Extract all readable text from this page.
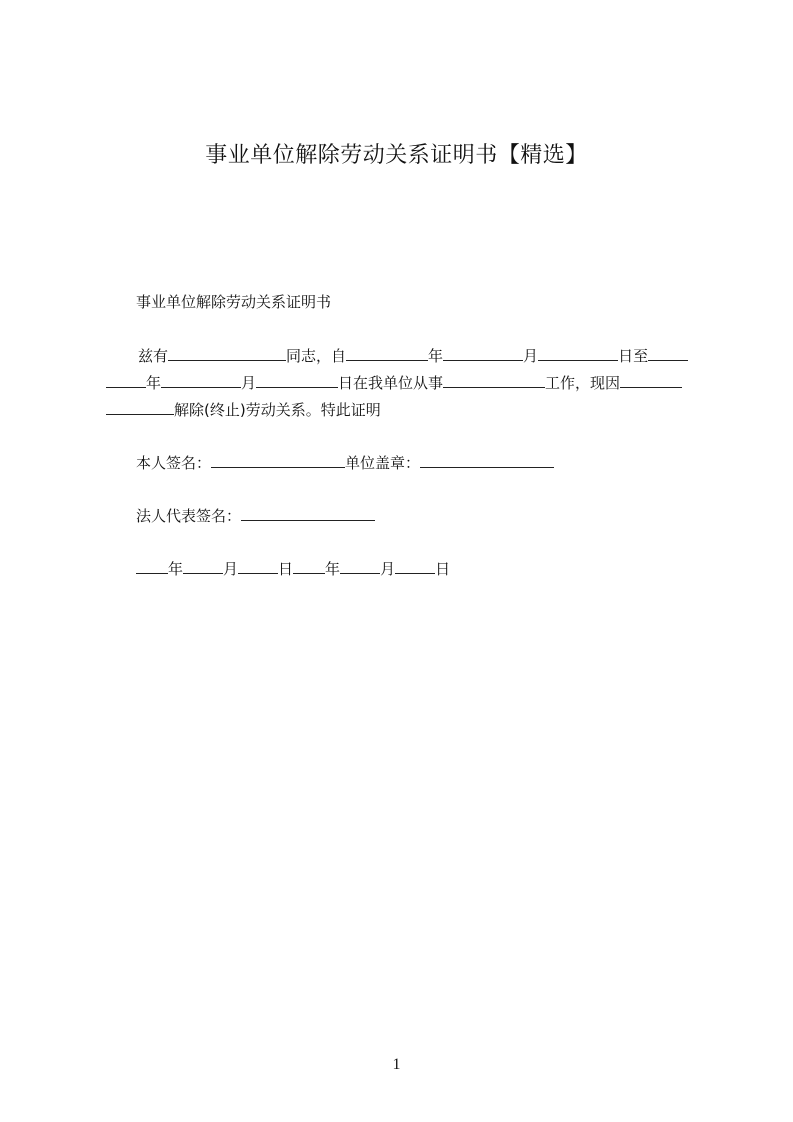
事业单位解除劳动关系证明书【精选】
事业单位解除劳动关系证明书
兹有	同志，自	年	月	日至
年	月	日在我单位从事	工作，现因
解除(终止)劳动关系。特此证明
本人签名：	单位盖章：
法人代表签名：
年	月	日 年	月	日
1
